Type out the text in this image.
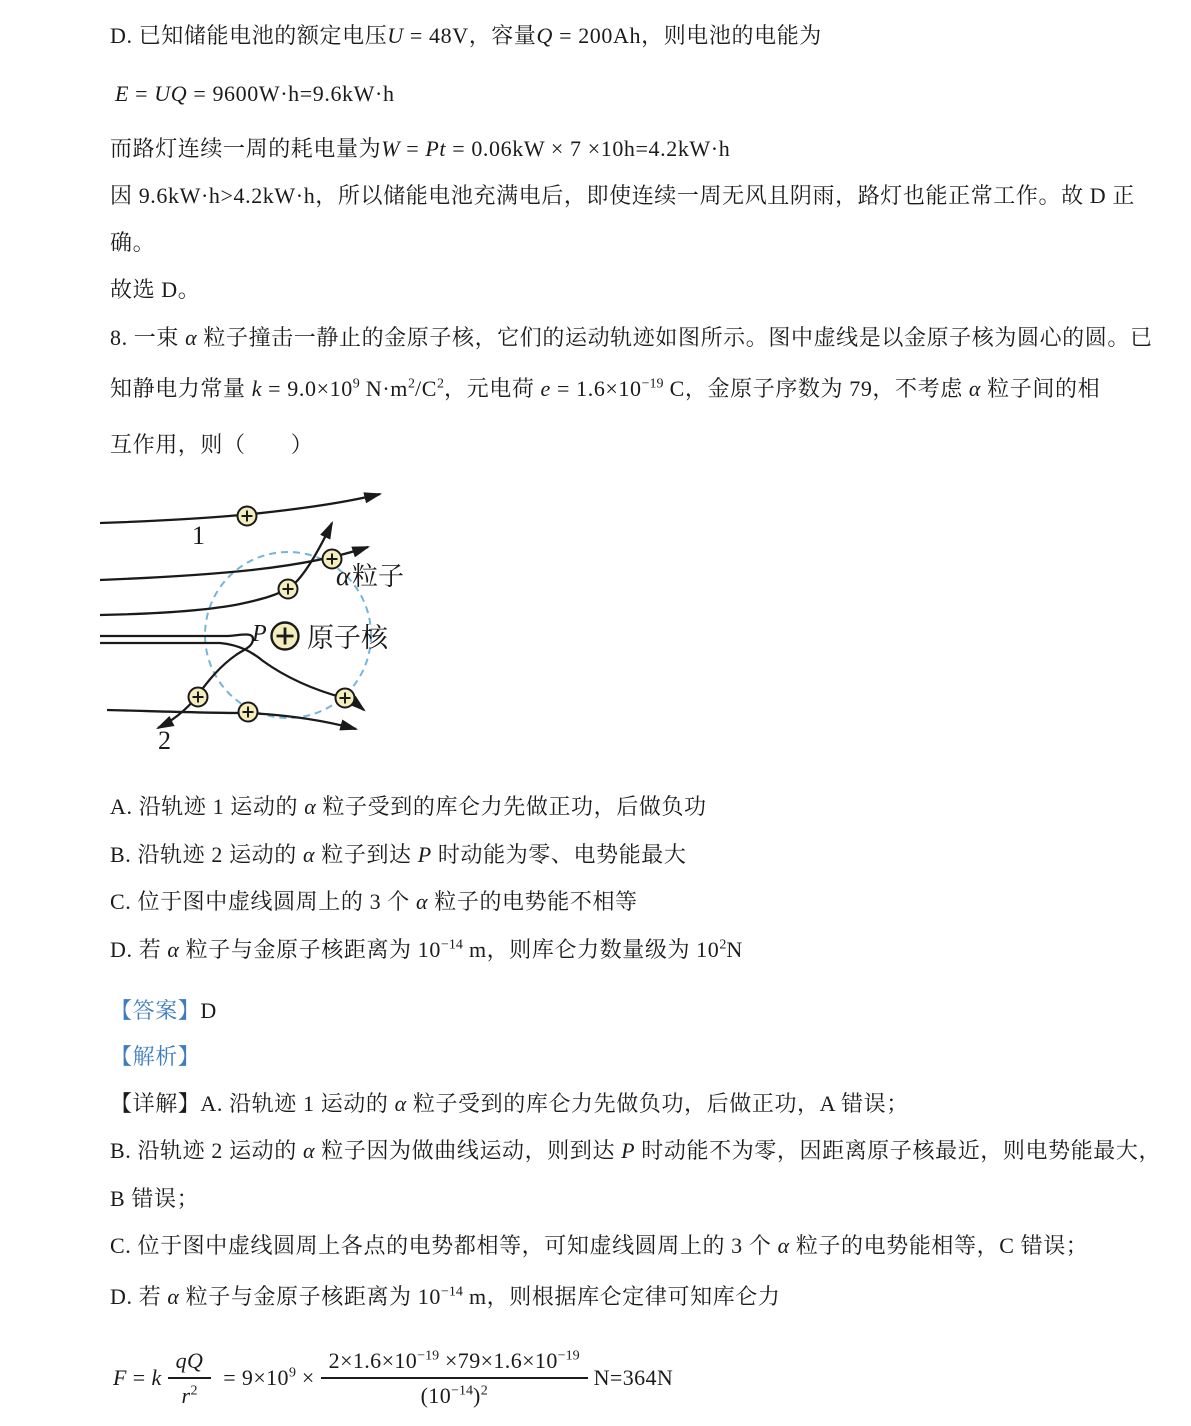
D. 已知储能电池的额定电压U = 48V，容量Q = 200Ah，则电池的电能为
E = UQ = 9600W·h=9.6kW·h
而路灯连续一周的耗电量为W = Pt = 0.06kW × 7 ×10h=4.2kW·h
因 9.6kW·h>4.2kW·h，所以储能电池充满电后，即使连续一周无风且阴雨，路灯也能正常工作。故 D 正
确。
故选 D。
8. 一束 α 粒子撞击一静止的金原子核，它们的运动轨迹如图所示。图中虚线是以金原子核为圆心的圆。已
知静电力常量 $k = 9.0\times 10^9$ $N\cdot m^2/C^2$，元电荷 $e = 1.6\times 10^{-19}$ C，金原子序数为 79，不考虑 α 粒子间的相
互作用，则（　　）
A. 沿轨迹 1 运动的 α 粒子受到的库仑力先做正功，后做负功
B. 沿轨迹 2 运动的 α 粒子到达 P 时动能为零、电势能最大
C. 位于图中虚线圆周上的 3 个 α 粒子的电势能不相等
D. 若 α 粒子与金原子核距离为 $10^{-14}$ m，则库仑力数量级为 $10^2N$
【答案】D
【解析】
【详解】A. 沿轨迹 1 运动的 α 粒子受到的库仑力先做负功，后做正功，A 错误；
B. 沿轨迹 2 运动的 α 粒子因为做曲线运动，则到达 P 时动能不为零，因距离原子核最近，则电势能最大，
B 错误；
C. 位于图中虚线圆周上各点的电势都相等，可知虚线圆周上的 3 个 α 粒子的电势能相等，C 错误；
D. 若 α 粒子与金原子核距离为 $10^{-14}$ m，则根据库仑定律可知库仑力
F = k $\frac{qQ}{r^2} = 9\times 10^9 \times \frac{2\times 1.6\times 10^{-19} \times 79\times 1.6\times 10^{-19}}{(10^{-14})^2} N=364N$
1
2
P 原子核
α 粒子
